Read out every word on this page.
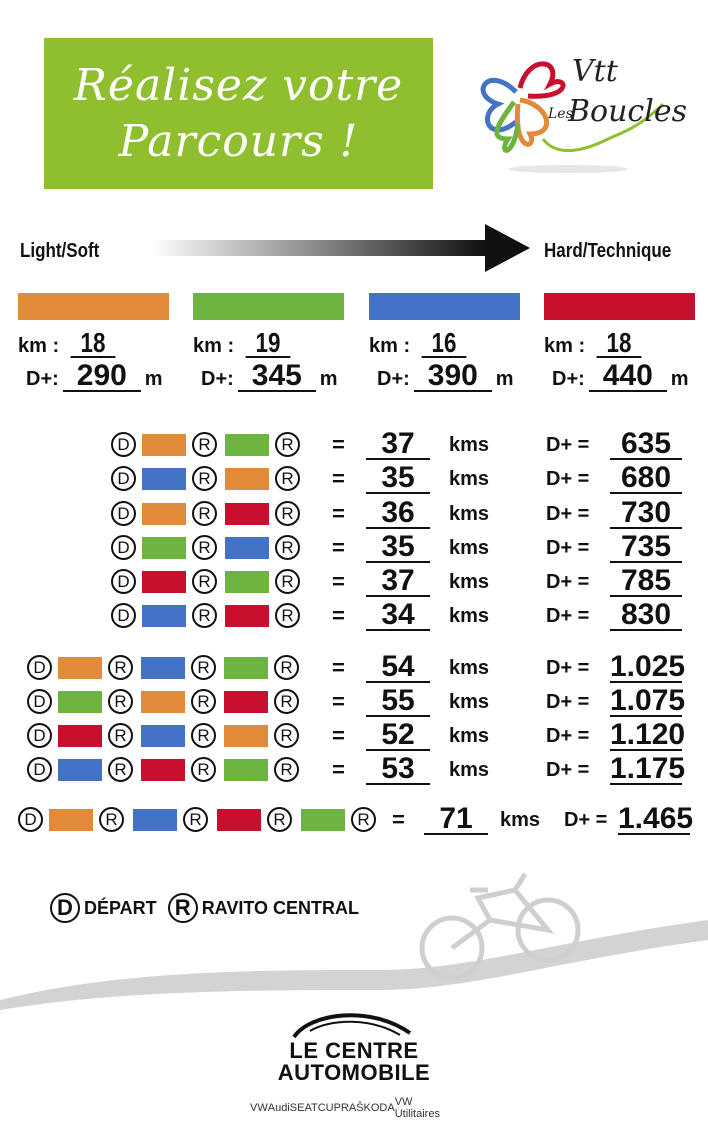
Réalisez votre
Parcours !
Vtt
Les
Boucles
Light/Soft	Hard/Technique
km : 18
D+: 290 m
km : 19
D+: 345 m
km : 16
D+: 390 m
km : 18
D+: 440 m
D	R	R =	37	kms	D+ =	635
D	R	R =	35	kms	D+ =	680
D	R	R =	36	kms	D+ =	730
D	R	R =	35	kms	D+ =	735
D	R	R =	37	kms	D+ =	785
D	R	R =	34	kms	D+ =	830
D	R	R	R =	54	kms	D+ = 1.025
D	R	R	R =	55	kms	D+ = 1.075
D	R	R	R =	52	kms	D+ = 1.120
D	R	R	R =	53	kms	D+ = 1.175
D	R	R	R	R =	71	kms D+ = 1.465
D DÉPART R RAVITO CENTRAL
LE CENTRE
AUTOMOBILE
VW Audi SEAT CUPRA ŠKODA VW Utilitaires
